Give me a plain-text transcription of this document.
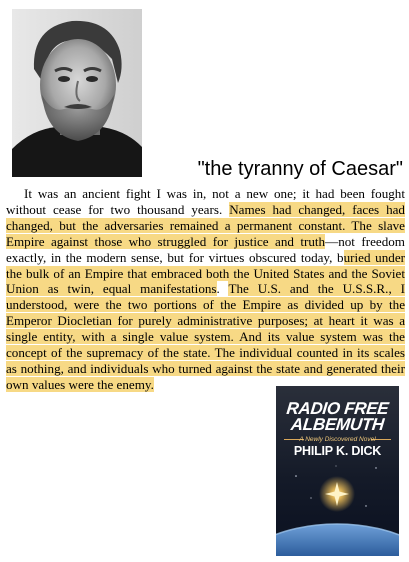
"the tyranny of Caesar"

It was an ancient fight I was in, not a new one; it had been fought without cease for two thousand years. Names had changed, faces had changed, but the adversaries remained a permanent constant. The slave Empire against those who struggled for justice and truth—not freedom exactly, in the modern sense, but for virtues obscured today, buried under the bulk of an Empire that embraced both the United States and the Soviet Union as twin, equal manifestations. The U.S. and the U.S.S.R., I understood, were the two portions of the Empire as divided up by the Emperor Diocletian for purely administrative purposes; at heart it was a single entity, with a single value system. And its value system was the concept of the supremacy of the state. The individual counted in its scales as nothing, and individuals who turned against the state and generated their own values were the enemy.

RADIO FREE
ALBEMUTH
A Newly Discovered Novel
PHILIP K. DICK
